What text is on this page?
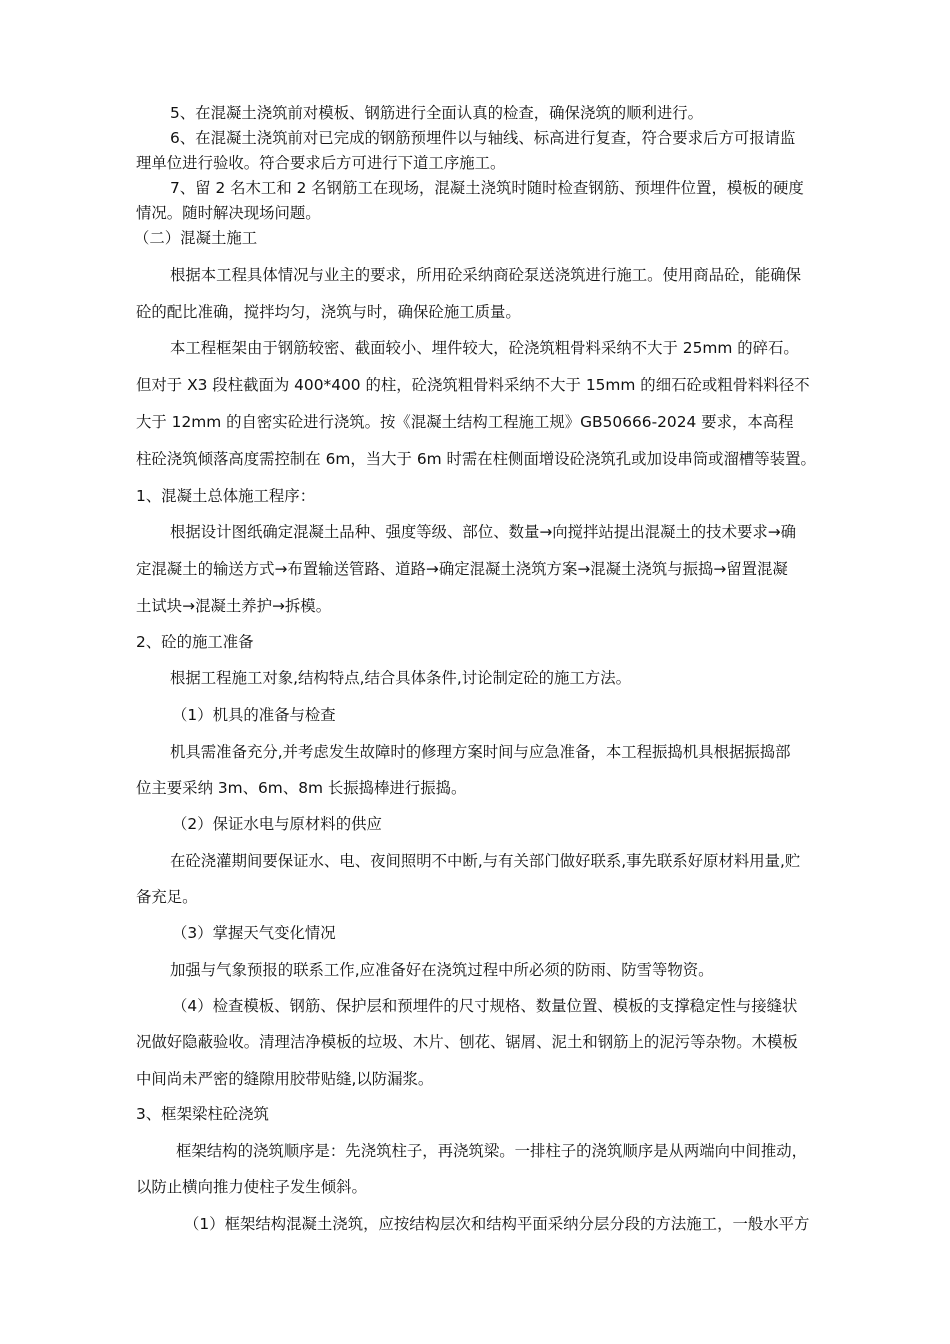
5、在混凝土浇筑前对模板、钢筋进行全面认真的检查，确保浇筑的顺利进行。

6、在混凝土浇筑前对已完成的钢筋预埋件以与轴线、标高进行复查，符合要求后方可报请监

理单位进行验收。符合要求后方可进行下道工序施工。

7、留 2 名木工和 2 名钢筋工在现场，混凝土浇筑时随时检查钢筋、预埋件位置，模板的硬度

情况。随时解决现场问题。

（二）混凝土施工

根据本工程具体情况与业主的要求，所用砼采纳商砼泵送浇筑进行施工。使用商品砼，能确保

砼的配比准确，搅拌均匀，浇筑与时，确保砼施工质量。

本工程框架由于钢筋较密、截面较小、埋件较大，砼浇筑粗骨料采纳不大于 25mm 的碎石。

但对于 X3 段柱截面为 400*400 的柱，砼浇筑粗骨料采纳不大于 15mm 的细石砼或粗骨料料径不

大于 12mm 的自密实砼进行浇筑。按《混凝土结构工程施工规》GB50666-2024 要求，本高程

柱砼浇筑倾落高度需控制在 6m，当大于 6m 时需在柱侧面增设砼浇筑孔或加设串筒或溜槽等装置。

1、混凝土总体施工程序：

根据设计图纸确定混凝土品种、强度等级、部位、数量→向搅拌站提出混凝土的技术要求→确

定混凝土的输送方式→布置输送管路、道路→确定混凝土浇筑方案→混凝土浇筑与振捣→留置混凝

土试块→混凝土养护→拆模。

2、砼的施工准备

根据工程施工对象,结构特点,结合具体条件,讨论制定砼的施工方法。

（1）机具的准备与检查

机具需准备充分,并考虑发生故障时的修理方案时间与应急准备，本工程振捣机具根据振捣部

位主要采纳 3m、6m、8m 长振捣棒进行振捣。

（2）保证水电与原材料的供应

在砼浇灌期间要保证水、电、夜间照明不中断,与有关部门做好联系,事先联系好原材料用量,贮

备充足。

（3）掌握天气变化情况

加强与气象预报的联系工作,应准备好在浇筑过程中所必须的防雨、防雪等物资。

（4）检查模板、钢筋、保护层和预埋件的尺寸规格、数量位置、模板的支撑稳定性与接缝状

况做好隐蔽验收。清理洁净模板的垃圾、木片、刨花、锯屑、泥土和钢筋上的泥污等杂物。木模板

中间尚未严密的缝隙用胶带贴缝,以防漏浆。

3、框架梁柱砼浇筑

框架结构的浇筑顺序是：先浇筑柱子，再浇筑梁。一排柱子的浇筑顺序是从两端向中间推动，

以防止横向推力使柱子发生倾斜。

（1）框架结构混凝土浇筑，应按结构层次和结构平面采纳分层分段的方法施工，一般水平方
